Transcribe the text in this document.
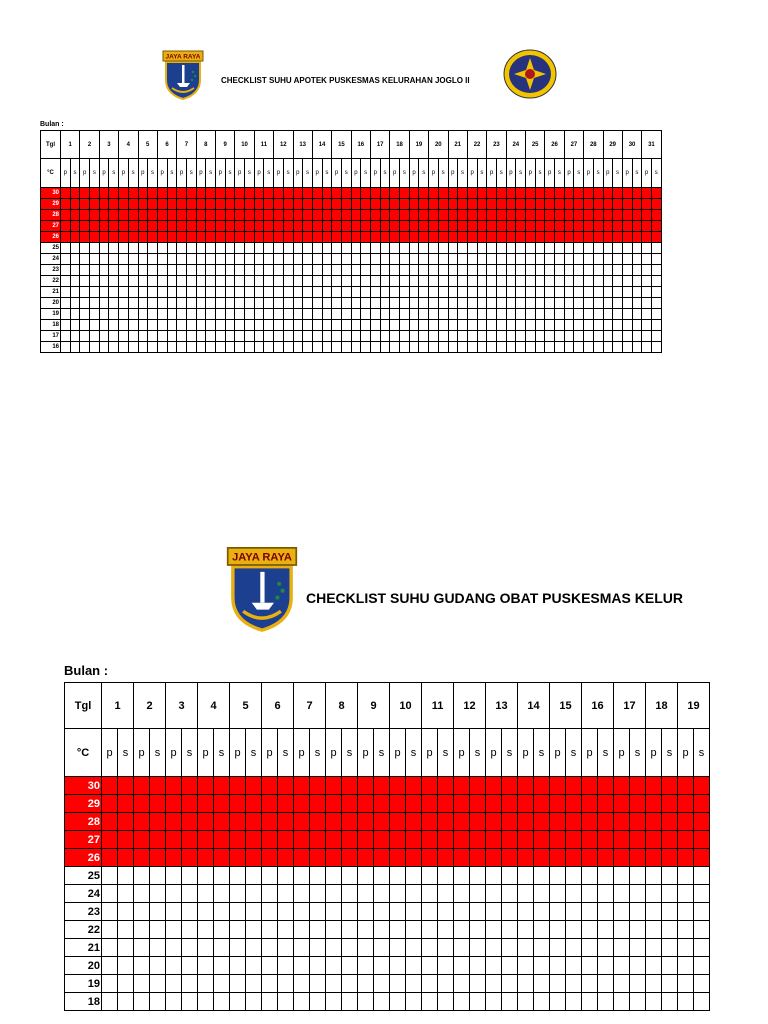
JAYA RAYA
CHECKLIST SUHU APOTEK PUSKESMAS KELURAHAN JOGLO II
Bulan :
Tgl	1		2		3		4		5		6		7		8		9		10		11		12		13		14		15		16		17		18		19		20		21		22		23		24		25		26		27		28		29		30		31	
°C	p	s	p	s	p	s	p	s	p	s	p	s	p	s	p	s	p	s	p	s	p	s	p	s	p	s	p	s	p	s	p	s	p	s	p	s	p	s	p	s	p	s	p	s	p	s	p	s	p	s	p	s	p	s	p	s	p	s	p	s	p	s
30																																																														
29																																																														
28																																																														
27																																																														
26																																																														
25																																																														
24																																																														
23																																																														
22																																																														
21																																																														
20																																																														
19																																																														
18																																																														
17																																																														
16																																																														
JAYA RAYA
CHECKLIST SUHU GUDANG OBAT PUSKESMAS KELUR
Bulan :
Tgl	1		2		3		4		5		6		7		8		9		10		11		12		13		14		15		16		17		18		19	
°C	p	s	p	s	p	s	p	s	p	s	p	s	p	s	p	s	p	s	p	s	p	s	p	s	p	s	p	s	p	s	p	s	p	s	p	s	p	s
30																																						
29																																						
28																																						
27																																						
26																																						
25																																						
24																																						
23																																						
22																																						
21																																						
20																																						
19																																						
18																																						
